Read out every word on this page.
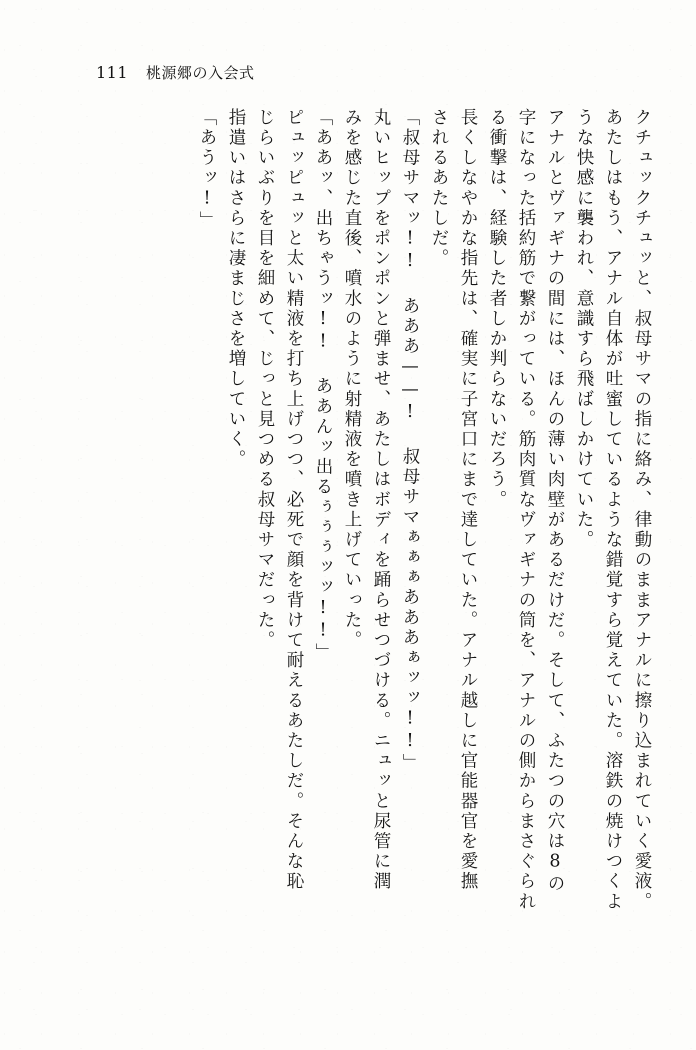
111 桃源郷の入会式
クチュックチュッと、叔母サマの指に絡み、律動のままアナルに擦り込まれていく愛液。
あたしはもう、アナル自体が吐蜜しているような錯覚すら覚えていた。溶鉄の焼けつくよ
うな快感に襲われ、意識すら飛ばしかけていた。
アナルとヴァギナの間には、ほんの薄い肉壁があるだけだ。そして、ふたつの穴は8の
字になった括約筋で繋がっている。筋肉質なヴァギナの筒を、アナルの側からまさぐられ
る衝撃は、経験した者しか判らないだろう。
長くしなやかな指先は、確実に子宮口にまで達していた。アナル越しに官能器官を愛撫
されるあたしだ。
「叔母サマッ!! あああ——! 叔母サマぁぁぁあああぁッッ!!」
丸いヒップをポンポンと弾ませ、あたしはボディを踊らせつづける。ニュッと尿管に潤
みを感じた直後、噴水のように射精液を噴き上げていった。
「ああッ、出ちゃうッ!! ああんッ出るぅぅぅッッ!!」
ピュッピュッと太い精液を打ち上げつつ、必死で顔を背けて耐えるあたしだ。そんな恥
じらいぶりを目を細めて、じっと見つめる叔母サマだった。
指遣いはさらに凄まじさを増していく。
「あうッ!」
